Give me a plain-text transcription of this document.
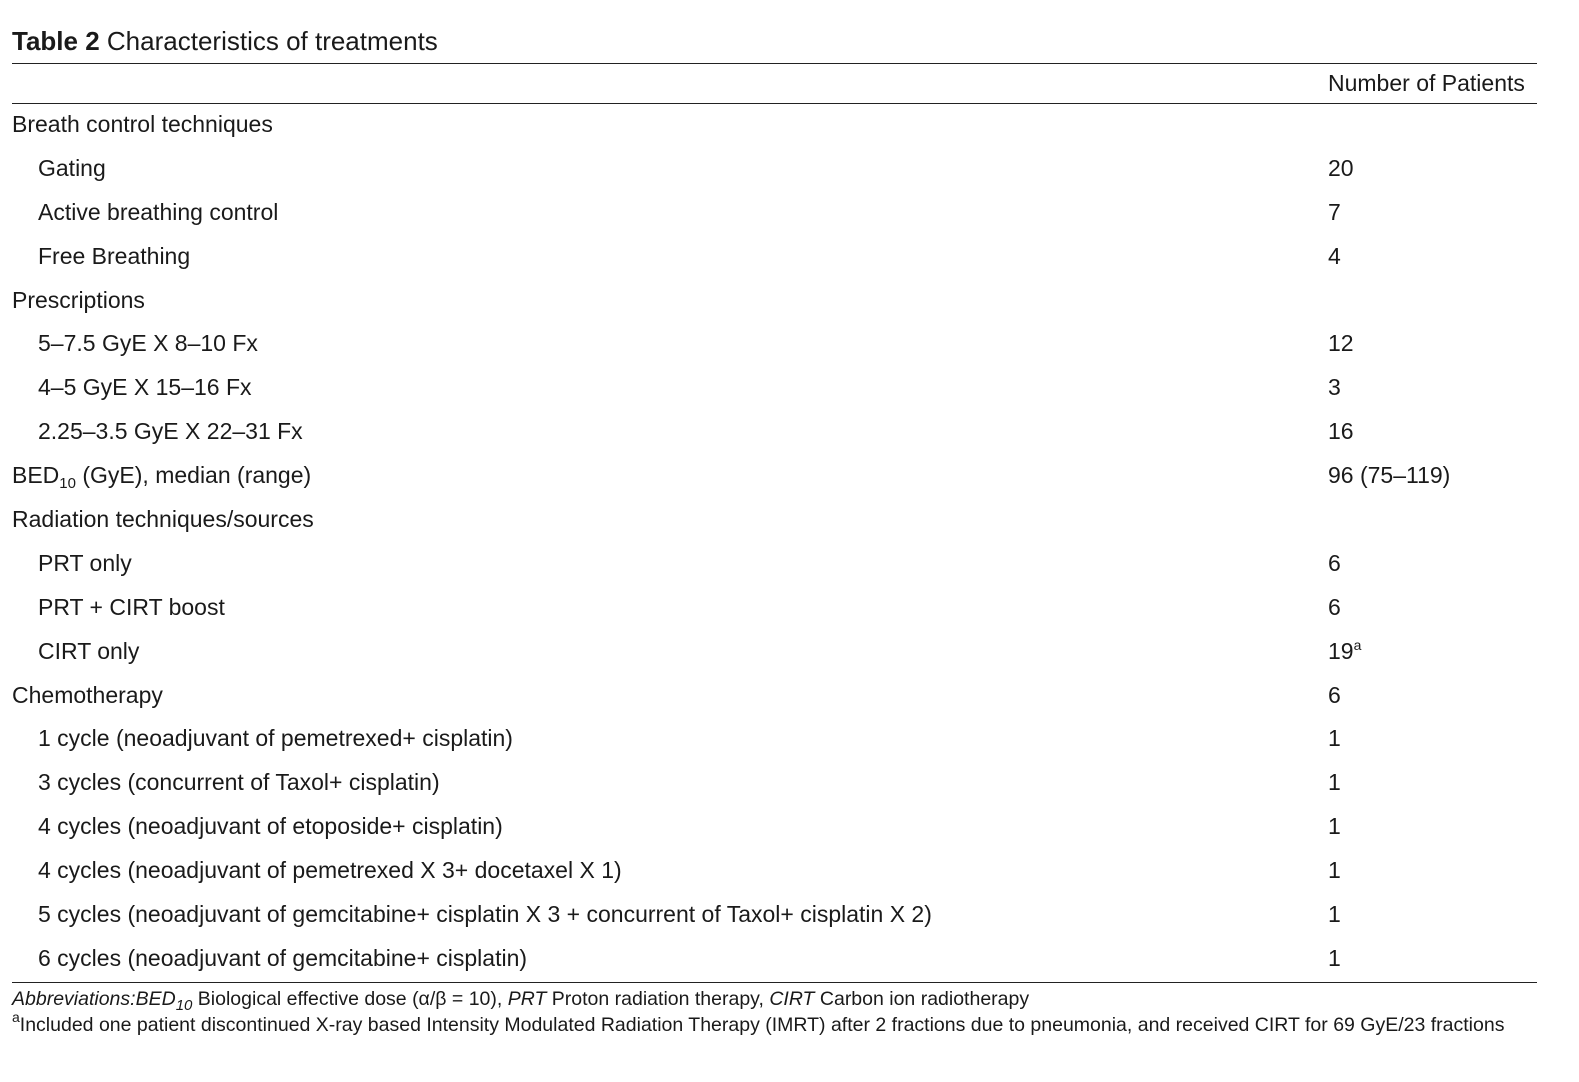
Table 2 Characteristics of treatments
Number of Patients
Breath control techniques
Gating	20
Active breathing control	7
Free Breathing	4
Prescriptions
5–7.5 GyE X 8–10 Fx	12
4–5 GyE X 15–16 Fx	3
2.25–3.5 GyE X 22–31 Fx	16
$BED_{10}$ (GyE), median (range)	96 (75–119)
Radiation techniques/sources
PRT only	6
PRT + CIRT boost	6
CIRT only	19$^a$
Chemotherapy	6
1 cycle (neoadjuvant of pemetrexed+ cisplatin)	1
3 cycles (concurrent of Taxol+ cisplatin)	1
4 cycles (neoadjuvant of etoposide+ cisplatin)	1
4 cycles (neoadjuvant of pemetrexed X 3+ docetaxel X 1)	1
5 cycles (neoadjuvant of gemcitabine+ cisplatin X 3 + concurrent of Taxol+ cisplatin X 2)	1
6 cycles (neoadjuvant of gemcitabine+ cisplatin)	1
$Abbreviations:BED_{10}$ Biological effective dose (α/β = 10), PRT Proton radiation therapy, CIRT Carbon ion radiotherapy
$^a$Included one patient discontinued X-ray based Intensity Modulated Radiation Therapy (IMRT) after 2 fractions due to pneumonia, and received CIRT for 69 GyE/23 fractions
